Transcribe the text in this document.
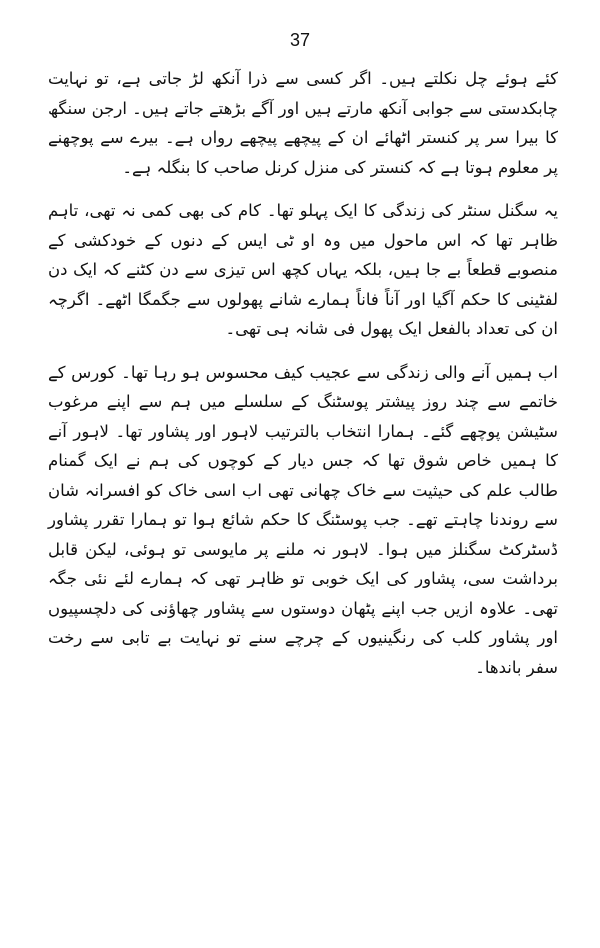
37

کئے ہوئے چل نکلتے ہیں۔ اگر کسی سے ذرا آنکھ لڑ جاتی ہے، تو نہایت چابکدستی سے جوابی آنکھ مارتے ہیں اور آگے بڑھتے جاتے ہیں۔ ارجن سنگھ کا بیرا سر پر کنستر اٹھائے ان کے پیچھے پیچھے رواں ہے۔ بیرے سے پوچھنے پر معلوم ہوتا ہے کہ کنستر کی منزل کرنل صاحب کا بنگلہ ہے۔

یہ سگنل سنٹر کی زندگی کا ایک پہلو تھا۔ کام کی بھی کمی نہ تھی، تاہم ظاہر تھا کہ اس ماحول میں وہ او ٹی ایس کے دنوں کے خودکشی کے منصوبے قطعاً بے جا ہیں، بلکہ یہاں کچھ اس تیزی سے دن کٹنے کہ ایک دن لفٹینی کا حکم آگیا اور آناً فاناً ہمارے شانے پھولوں سے جگمگا اٹھے۔ اگرچہ ان کی تعداد بالفعل ایک پھول فی شانہ ہی تھی۔

اب ہمیں آنے والی زندگی سے عجیب کیف محسوس ہو رہا تھا۔ کورس کے خاتمے سے چند روز پیشتر پوسٹنگ کے سلسلے میں ہم سے اپنے مرغوب سٹیشن پوچھے گئے۔ ہمارا انتخاب بالترتیب لاہور اور پشاور تھا۔ لاہور آنے کا ہمیں خاص شوق تھا کہ جس دیار کے کوچوں کی ہم نے ایک گمنام طالب علم کی حیثیت سے خاک چھانی تھی اب اسی خاک کو افسرانہ شان سے روندنا چاہتے تھے۔ جب پوسٹنگ کا حکم شائع ہوا تو ہمارا تقرر پشاور ڈسٹرکٹ سگنلز میں ہوا۔ لاہور نہ ملنے پر مایوسی تو ہوئی، لیکن قابل برداشت سی، پشاور کی ایک خوبی تو ظاہر تھی کہ ہمارے لئے نئی جگہ تھی۔ علاوہ ازیں جب اپنے پٹھان دوستوں سے پشاور چھاؤنی کی دلچسپیوں اور پشاور کلب کی رنگینیوں کے چرچے سنے تو نہایت بے تابی سے رخت سفر باندھا۔
